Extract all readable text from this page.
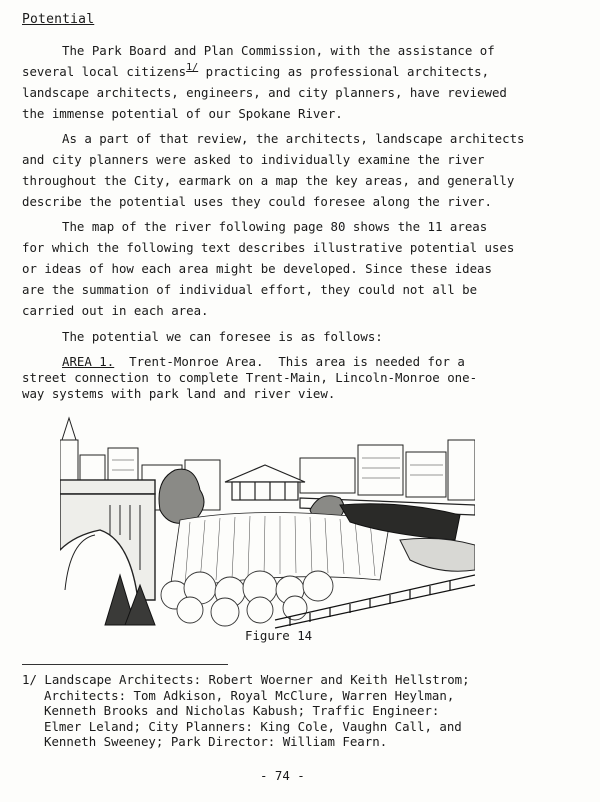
Potential

The Park Board and Plan Commission, with the assistance of
several local citizens$^{1/}$ practicing as professional architects,
landscape architects, engineers, and city planners, have reviewed
the immense potential of our Spokane River.

As a part of that review, the architects, landscape architects
and city planners were asked to individually examine the river
throughout the City, earmark on a map the key areas, and generally
describe the potential uses they could foresee along the river.

The map of the river following page 80 shows the 11 areas
for which the following text describes illustrative potential uses
or ideas of how each area might be developed. Since these ideas
are the summation of individual effort, they could not all be
carried out in each area.

The potential we can foresee is as follows:

AREA 1.  Trent-Monroe Area.  This area is needed for a
street connection to complete Trent-Main, Lincoln-Monroe one-
way systems with park land and river view.
Figure 14
1/ Landscape Architects: Robert Woerner and Keith Hellstrom;
Architects: Tom Adkison, Royal McClure, Warren Heylman,
Kenneth Brooks and Nicholas Kabush; Traffic Engineer:
Elmer Leland; City Planners: King Cole, Vaughn Call, and
Kenneth Sweeney; Park Director: William Fearn.
- 74 -
